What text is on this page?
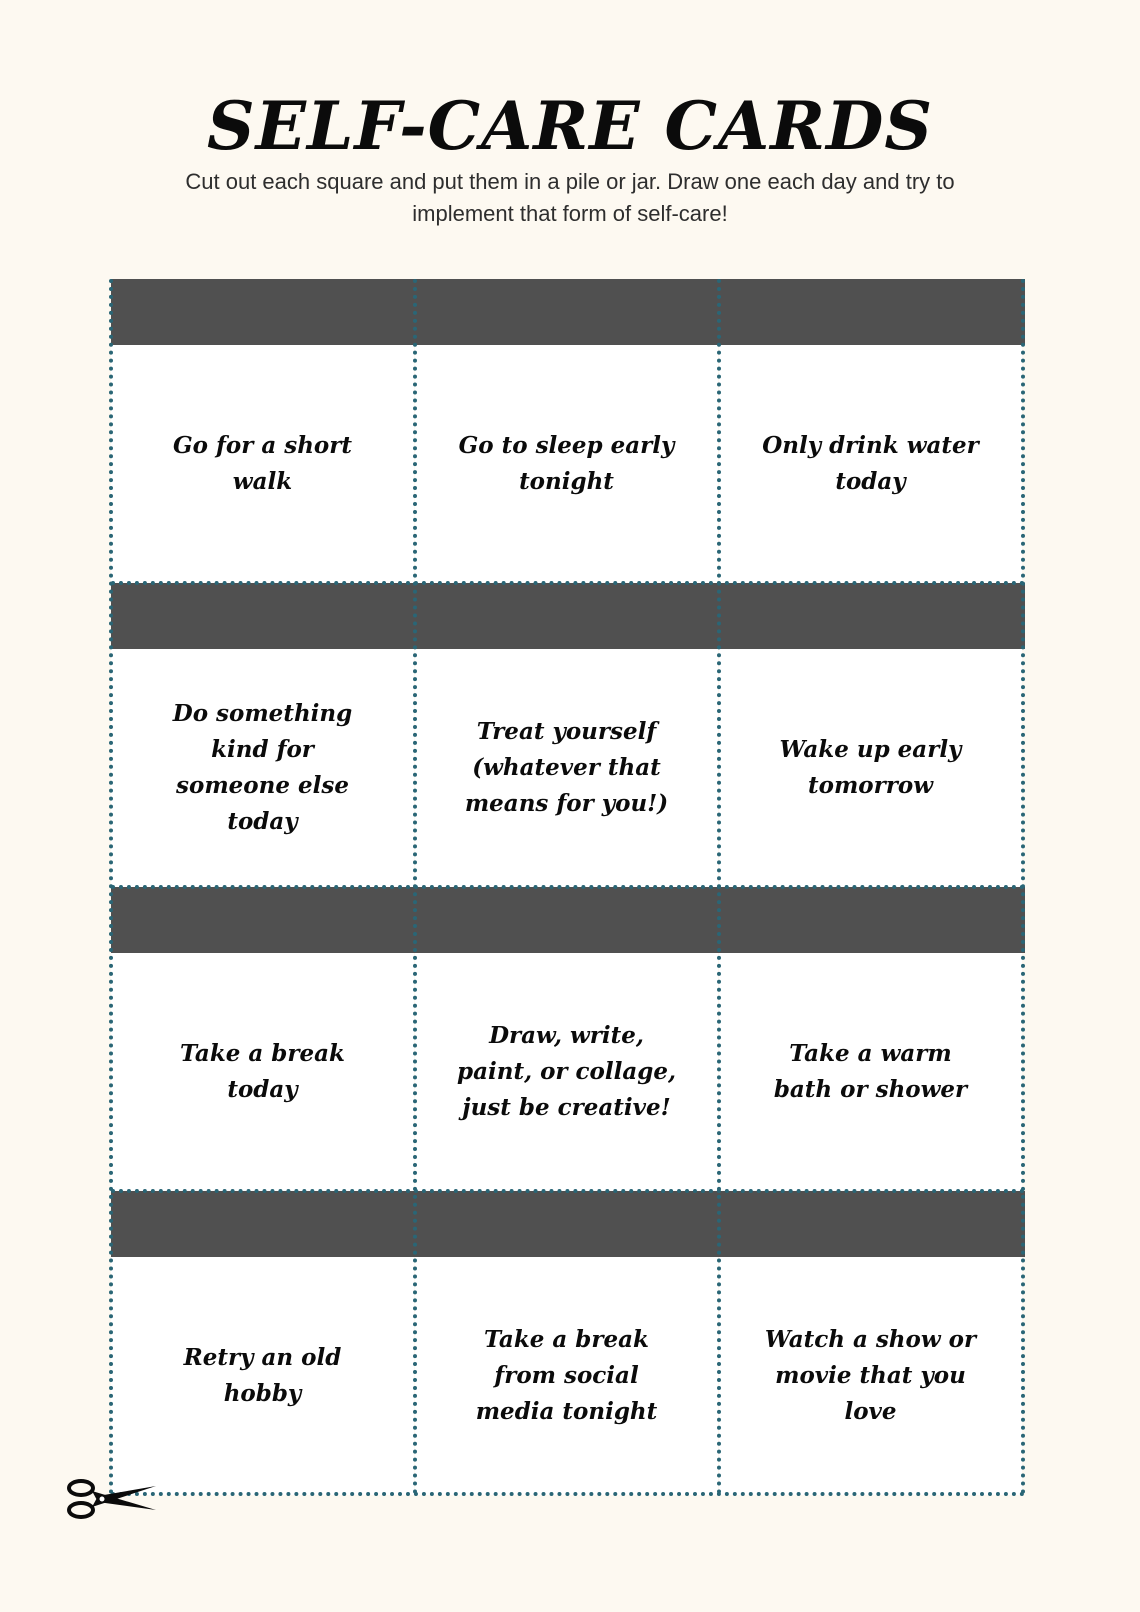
SELF-CARE CARDS

Cut out each square and put them in a pile or jar. Draw one each day and try to implement that form of self-care!

Go for a short walk
Go to sleep early tonight
Only drink water today
Do something kind for someone else today
Treat yourself (whatever that means for you!)
Wake up early tomorrow
Take a break today
Draw, write, paint, or collage, just be creative!
Take a warm bath or shower
Retry an old hobby
Take a break from social media tonight
Watch a show or movie that you love
